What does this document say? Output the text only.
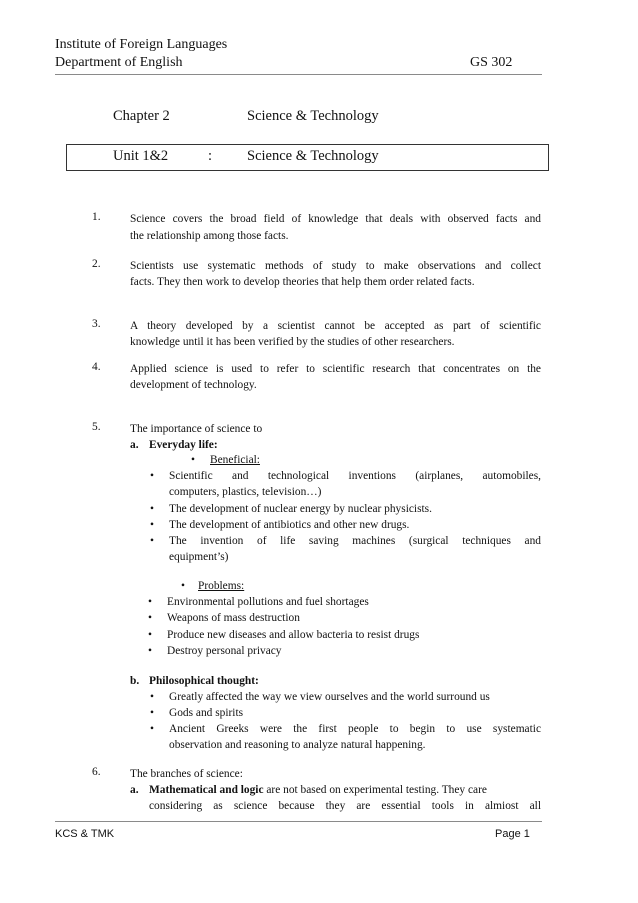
Institute of Foreign Languages
Department of English	GS 302
Chapter 2	Science & Technology
Unit 1&2	: Science & Technology
1.	Science covers the broad field of knowledge that deals with observed facts and
the relationship among those facts.
2.	Scientists use systematic methods of study to make observations and collect
facts. They then work to develop theories that help them order related facts.
3.	A theory developed by a scientist cannot be accepted as part of scientific
knowledge until it has been verified by the studies of other researchers.
4.	Applied science is used to refer to scientific research that concentrates on the
development of technology.
5.	The importance of science to
a. Everyday life:
• Beneficial:
• Scientific and technological inventions (airplanes, automobiles,
computers, plastics, television…)
• The development of nuclear energy by nuclear physicists.
• The development of antibiotics and other new drugs.
• The invention of life saving machines (surgical techniques and
equipment’s)
• Problems:
• Environmental pollutions and fuel shortages
• Weapons of mass destruction
• Produce new diseases and allow bacteria to resist drugs
• Destroy personal privacy
b. Philosophical thought:
• Greatly affected the way we view ourselves and the world surround us
• Gods and spirits
• Ancient Greeks were the first people to begin to use systematic
observation and reasoning to analyze natural happening.
6.	The branches of science:
a. Mathematical and logic are not based on experimental testing. They care
considering as science because they are essential tools in almiost all
KCS & TMK	Page 1
